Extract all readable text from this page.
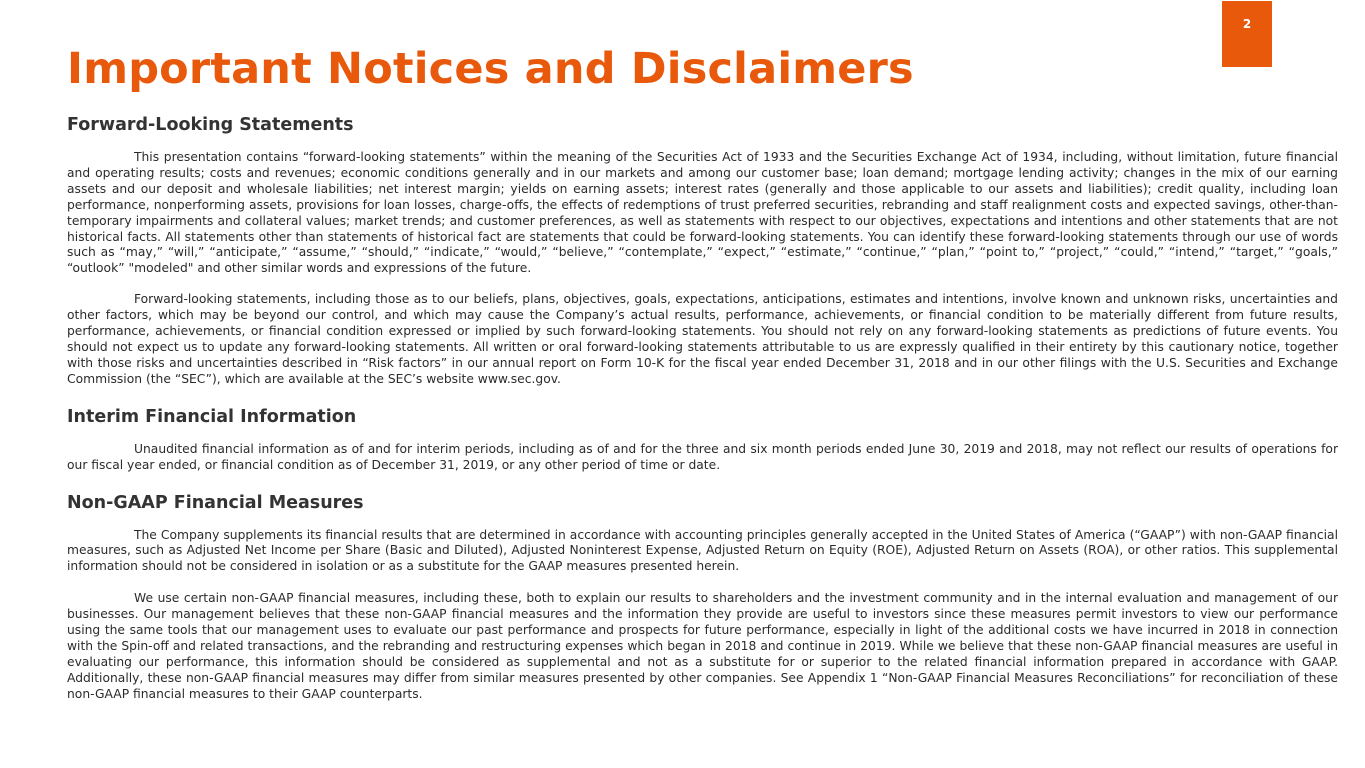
2
Important Notices and Disclaimers
Forward-Looking Statements

This presentation contains “forward-looking statements” within the meaning of the Securities Act of 1933 and the Securities Exchange Act of 1934, including, without limitation, future financial and operating results; costs and revenues; economic conditions generally and in our markets and among our customer base; loan demand; mortgage lending activity; changes in the mix of our earning assets and our deposit and wholesale liabilities; net interest margin; yields on earning assets; interest rates (generally and those applicable to our assets and liabilities); credit quality, including loan performance, nonperforming assets, provisions for loan losses, charge-offs, the effects of redemptions of trust preferred securities, rebranding and staff realignment costs and expected savings, other-than-temporary impairments and collateral values; market trends; and customer preferences, as well as statements with respect to our objectives, expectations and intentions and other statements that are not historical facts. All statements other than statements of historical fact are statements that could be forward-looking statements. You can identify these forward-looking statements through our use of words such as “may,” “will,” “anticipate,” “assume,” “should,” “indicate,” “would,” “believe,” “contemplate,” “expect,” “estimate,” “continue,” “plan,” “point to,” “project,” “could,” “intend,” “target,” “goals,” “outlook” "modeled" and other similar words and expressions of the future.

Forward-looking statements, including those as to our beliefs, plans, objectives, goals, expectations, anticipations, estimates and intentions, involve known and unknown risks, uncertainties and other factors, which may be beyond our control, and which may cause the Company’s actual results, performance, achievements, or financial condition to be materially different from future results, performance, achievements, or financial condition expressed or implied by such forward-looking statements. You should not rely on any forward-looking statements as predictions of future events. You should not expect us to update any forward-looking statements. All written or oral forward-looking statements attributable to us are expressly qualified in their entirety by this cautionary notice, together with those risks and uncertainties described in “Risk factors” in our annual report on Form 10-K for the fiscal year ended December 31, 2018 and in our other filings with the U.S. Securities and Exchange Commission (the “SEC”), which are available at the SEC’s website www.sec.gov.

Interim Financial Information

Unaudited financial information as of and for interim periods, including as of and for the three and six month periods ended June 30, 2019 and 2018, may not reflect our results of operations for our fiscal year ended, or financial condition as of December 31, 2019, or any other period of time or date.

Non-GAAP Financial Measures

The Company supplements its financial results that are determined in accordance with accounting principles generally accepted in the United States of America (“GAAP”) with non-GAAP financial measures, such as Adjusted Net Income per Share (Basic and Diluted), Adjusted Noninterest Expense, Adjusted Return on Equity (ROE), Adjusted Return on Assets (ROA), or other ratios. This supplemental information should not be considered in isolation or as a substitute for the GAAP measures presented herein.

We use certain non-GAAP financial measures, including these, both to explain our results to shareholders and the investment community and in the internal evaluation and management of our businesses. Our management believes that these non-GAAP financial measures and the information they provide are useful to investors since these measures permit investors to view our performance using the same tools that our management uses to evaluate our past performance and prospects for future performance, especially in light of the additional costs we have incurred in 2018 in connection with the Spin-off and related transactions, and the rebranding and restructuring expenses which began in 2018 and continue in 2019. While we believe that these non-GAAP financial measures are useful in evaluating our performance, this information should be considered as supplemental and not as a substitute for or superior to the related financial information prepared in accordance with GAAP. Additionally, these non-GAAP financial measures may differ from similar measures presented by other companies. See Appendix 1 “Non-GAAP Financial Measures Reconciliations” for reconciliation of these non-GAAP financial measures to their GAAP counterparts.
